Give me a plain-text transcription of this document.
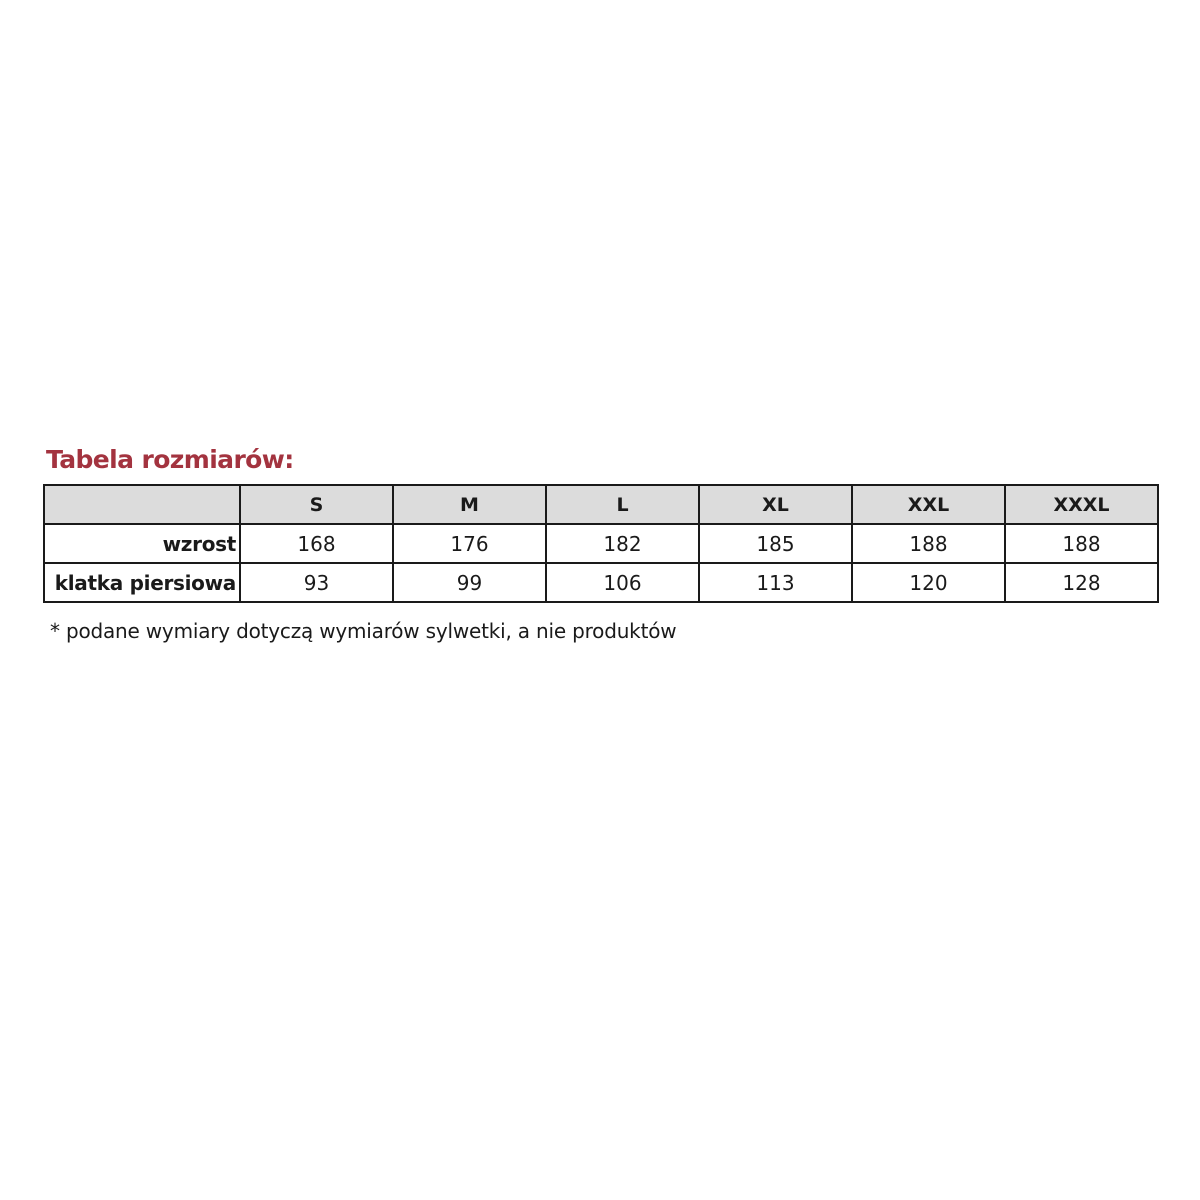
Tabela rozmiarów:
	S	M	L	XL	XXL	XXXL
wzrost	168	176	182	185	188	188
klatka piersiowa	93	99	106	113	120	128
* podane wymiary dotyczą wymiarów sylwetki, a nie produktów
